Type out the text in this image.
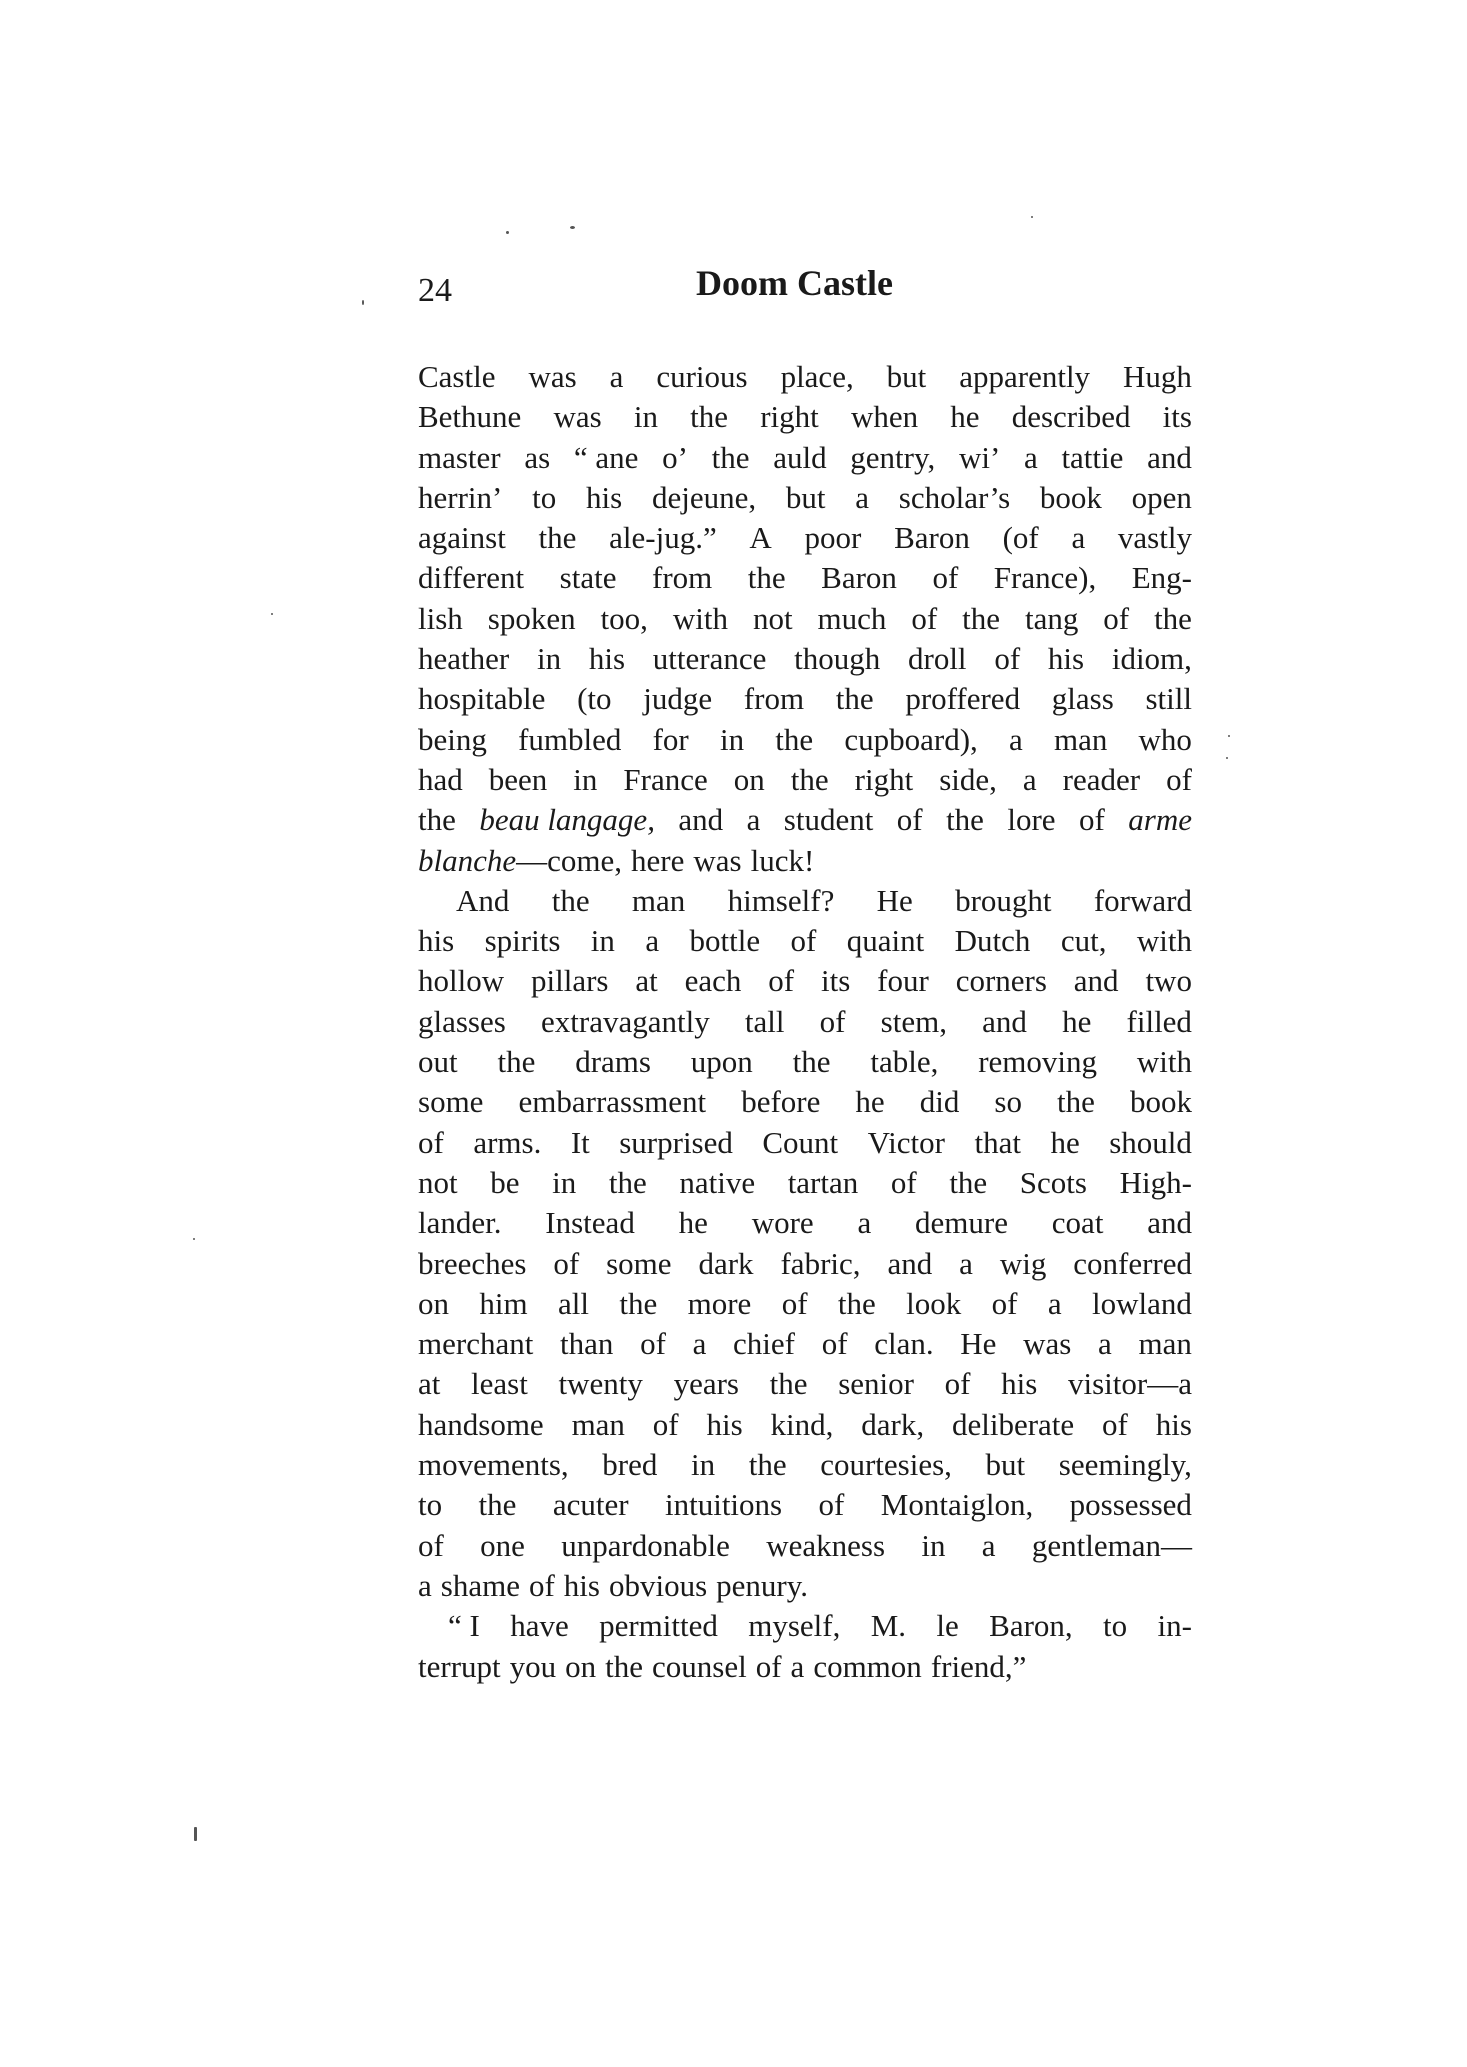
24	Doom Castle
Castle was a curious place, but apparently Hugh
Bethune was in the right when he described its
master as “ ane o’ the auld gentry, wi’ a tattie and
herrin’ to his dejeune, but a scholar’s book open
against the ale-jug.” A poor Baron (of a vastly
different state from the Baron of France), Eng-
lish spoken too, with not much of the tang of the
heather in his utterance though droll of his idiom,
hospitable (to judge from the proffered glass still
being fumbled for in the cupboard), a man who
had been in France on the right side, a reader of
the beau langage, and a student of the lore of arme
blanche—come, here was luck!
And the man himself? He brought forward
his spirits in a bottle of quaint Dutch cut, with
hollow pillars at each of its four corners and two
glasses extravagantly tall of stem, and he filled
out the drams upon the table, removing with
some embarrassment before he did so the book
of arms. It surprised Count Victor that he should
not be in the native tartan of the Scots High-
lander. Instead he wore a demure coat and
breeches of some dark fabric, and a wig conferred
on him all the more of the look of a lowland
merchant than of a chief of clan. He was a man
at least twenty years the senior of his visitor—a
handsome man of his kind, dark, deliberate of his
movements, bred in the courtesies, but seemingly,
to the acuter intuitions of Montaiglon, possessed
of one unpardonable weakness in a gentleman—
a shame of his obvious penury.
“ I have permitted myself, M. le Baron, to in-
terrupt you on the counsel of a common friend,”
